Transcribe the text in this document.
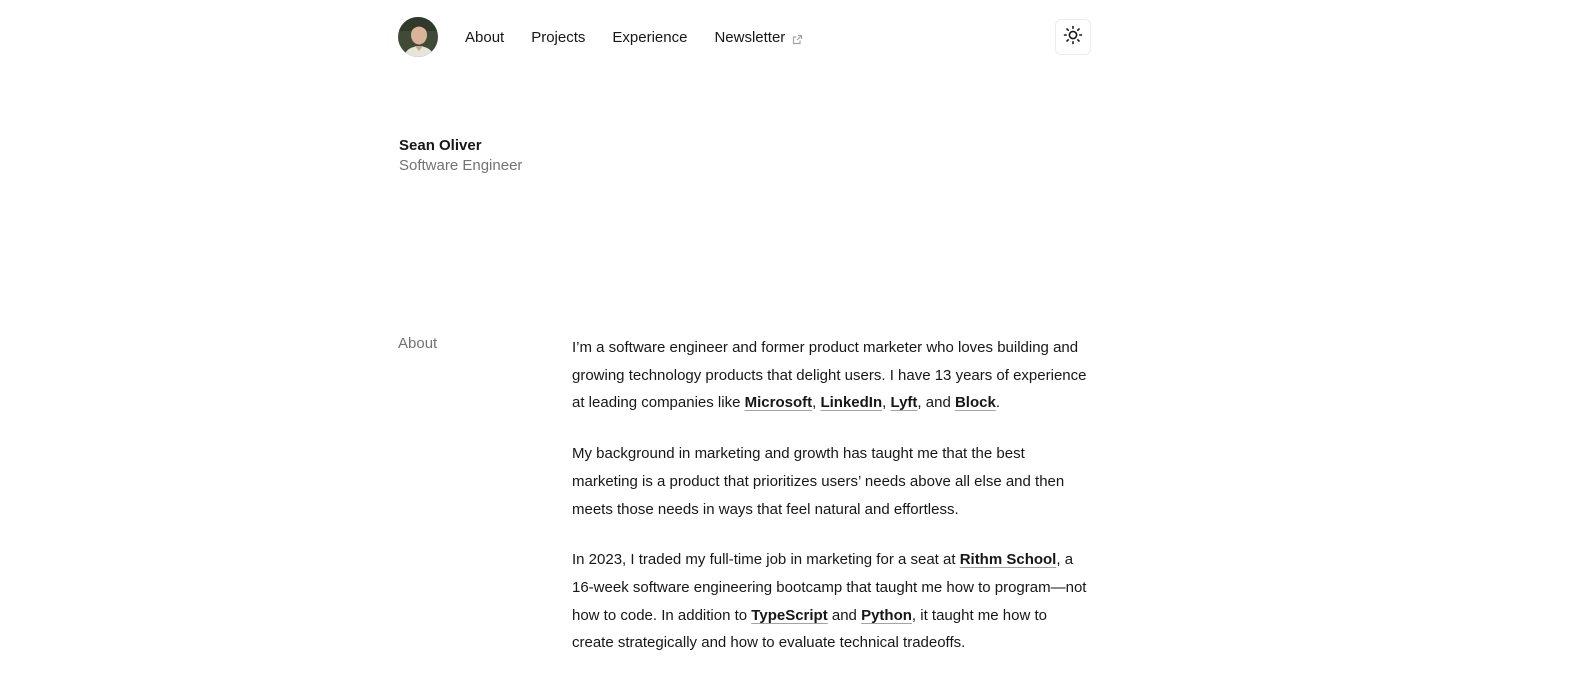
About Projects Experience Newsletter
Sean Oliver
Software Engineer
About	I’m a software engineer and former product marketer who loves building and growing technology products that delight users. I have 13 years of experience at leading companies like Microsoft, LinkedIn, Lyft, and Block.

My background in marketing and growth has taught me that the best marketing is a product that prioritizes users’ needs above all else and then meets those needs in ways that feel natural and effortless.

In 2023, I traded my full-time job in marketing for a seat at Rithm School, a 16-week software engineering bootcamp that taught me how to program—not how to code. In addition to TypeScript and Python, it taught me how to create strategically and how to evaluate technical tradeoffs.
